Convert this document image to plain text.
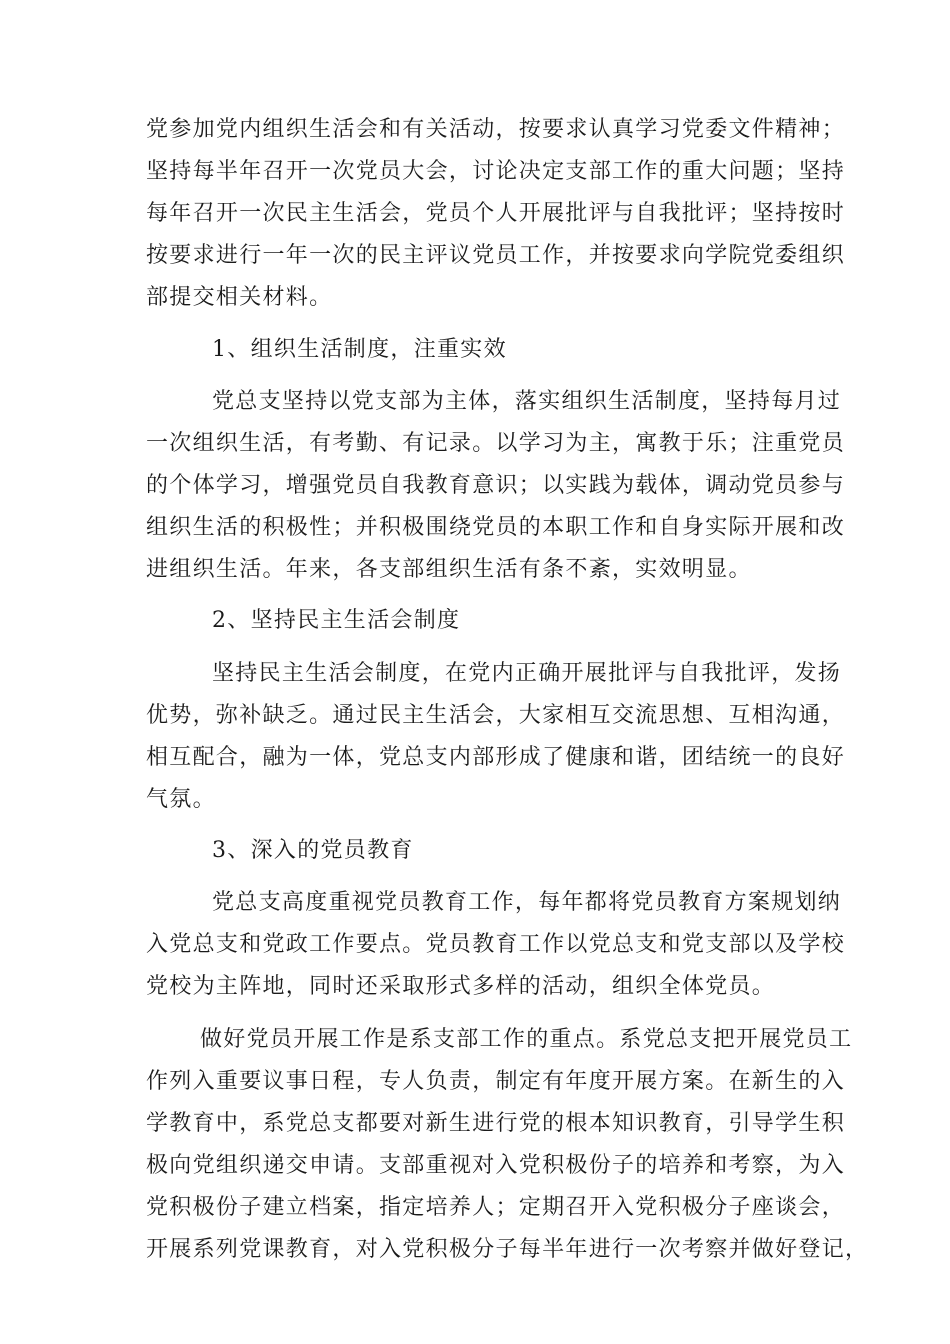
党参加党内组织生活会和有关活动，按要求认真学习党委文件精神；
坚持每半年召开一次党员大会，讨论决定支部工作的重大问题；坚持
每年召开一次民主生活会，党员个人开展批评与自我批评；坚持按时
按要求进行一年一次的民主评议党员工作，并按要求向学院党委组织
部提交相关材料。
1、组织生活制度，注重实效
党总支坚持以党支部为主体，落实组织生活制度，坚持每月过
一次组织生活，有考勤、有记录。以学习为主，寓教于乐；注重党员
的个体学习，增强党员自我教育意识；以实践为载体，调动党员参与
组织生活的积极性；并积极围绕党员的本职工作和自身实际开展和改
进组织生活。年来，各支部组织生活有条不紊，实效明显。
2、坚持民主生活会制度
坚持民主生活会制度，在党内正确开展批评与自我批评，发扬
优势，弥补缺乏。通过民主生活会，大家相互交流思想、互相沟通，
相互配合，融为一体，党总支内部形成了健康和谐，团结统一的良好
气氛。
3、深入的党员教育
党总支高度重视党员教育工作，每年都将党员教育方案规划纳
入党总支和党政工作要点。党员教育工作以党总支和党支部以及学校
党校为主阵地，同时还采取形式多样的活动，组织全体党员。
做好党员开展工作是系支部工作的重点。系党总支把开展党员工
作列入重要议事日程，专人负责，制定有年度开展方案。在新生的入
学教育中，系党总支都要对新生进行党的根本知识教育，引导学生积
极向党组织递交申请。支部重视对入党积极份子的培养和考察，为入
党积极份子建立档案，指定培养人；定期召开入党积极分子座谈会，
开展系列党课教育，对入党积极分子每半年进行一次考察并做好登记，
